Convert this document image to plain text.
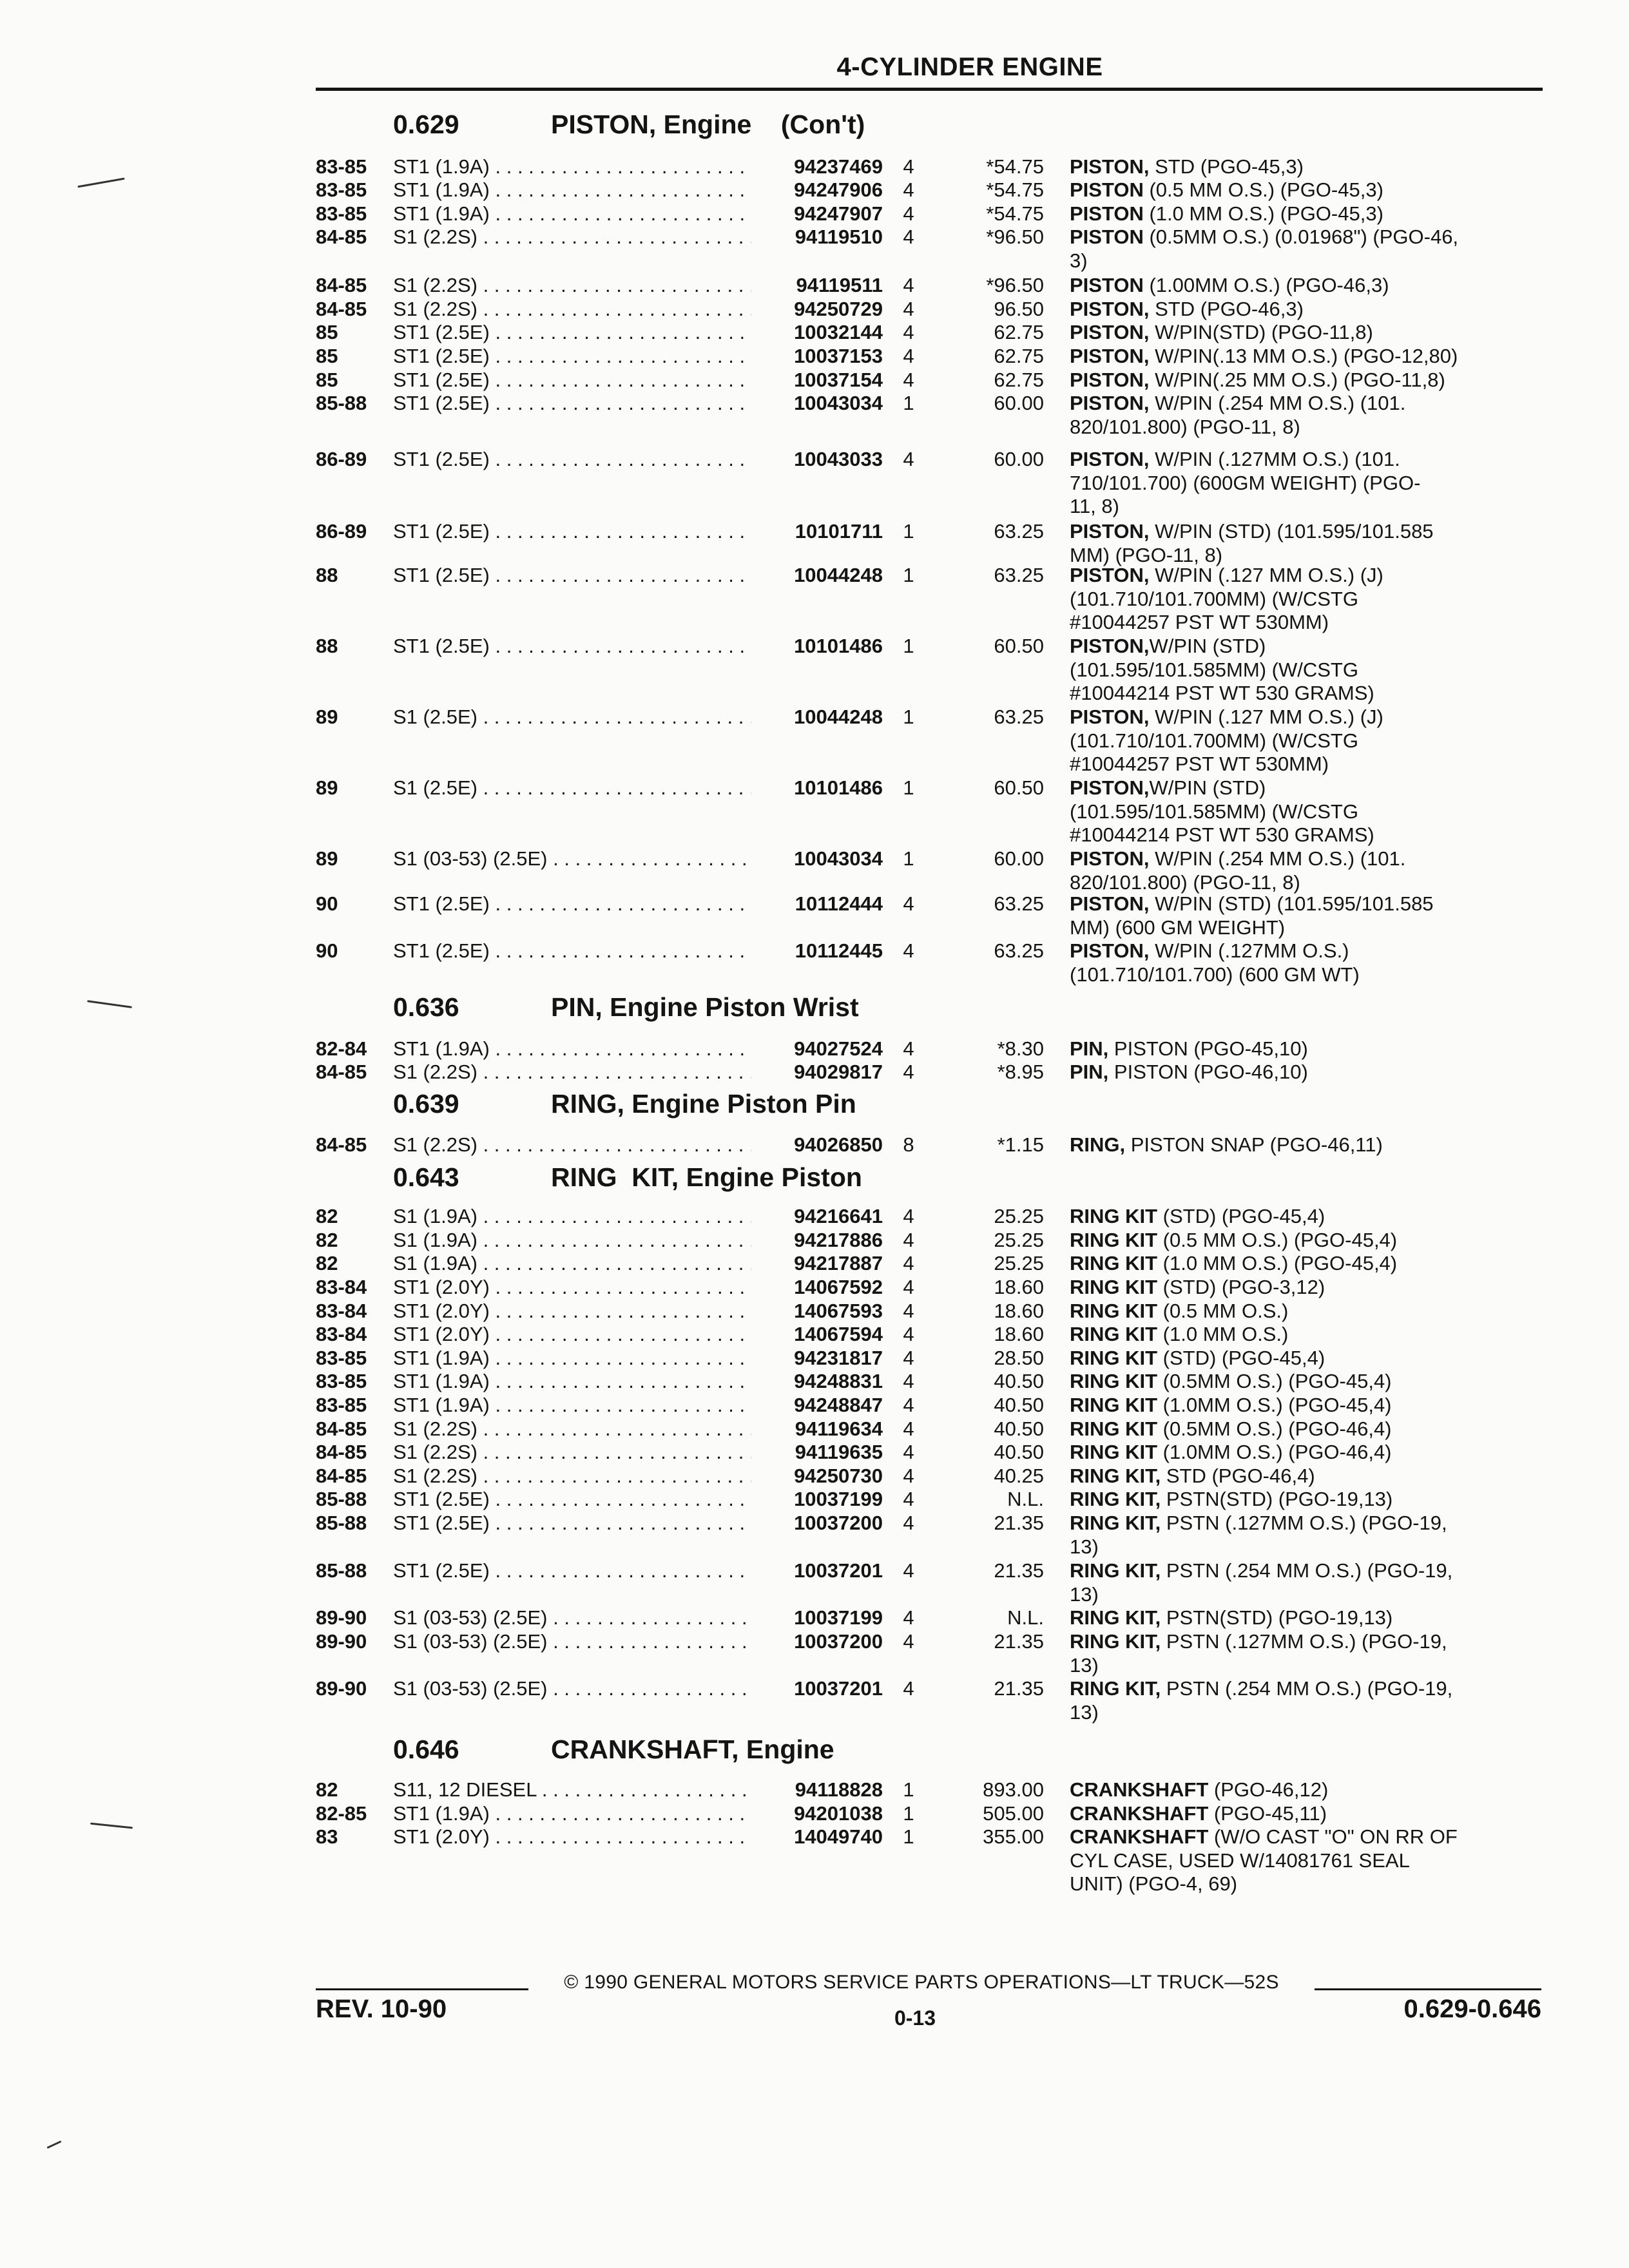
4-CYLINDER ENGINE
0.629	PISTON, Engine    (Con't)
83-85 ST1 (1.9A) . . .	94237469	4	*54.75 PISTON, STD (PGO-45,3)
83-85 ST1 (1.9A) . . .	94247906	4	*54.75 PISTON (0.5 MM O.S.) (PGO-45,3)
83-85 ST1 (1.9A) . . .	94247907	4	*54.75 PISTON (1.0 MM O.S.) (PGO-45,3)
84-85 S1 (2.2S) . . .	94119510	4	*96.50 PISTON (0.5MM O.S.) (0.01968") (PGO-46,
3)
84-85 S1 (2.2S) . . .	94119511	4	*96.50 PISTON (1.00MM O.S.) (PGO-46,3)
84-85 S1 (2.2S) . . .	94250729	4	96.50 PISTON, STD (PGO-46,3)
85	ST1 (2.5E) . . .	10032144	4	62.75 PISTON, W/PIN(STD) (PGO-11,8)
85	ST1 (2.5E) . . .	10037153	4	62.75 PISTON, W/PIN(.13 MM O.S.) (PGO-12,80)
85	ST1 (2.5E) . . .	10037154	4	62.75 PISTON, W/PIN(.25 MM O.S.) (PGO-11,8)
85-88 ST1 (2.5E) . . .	10043034	1	60.00 PISTON, W/PIN (.254 MM O.S.) (101.
820/101.800) (PGO-11, 8)
86-89 ST1 (2.5E) . . .	10043033	4	60.00 PISTON, W/PIN (.127MM O.S.) (101.
710/101.700) (600GM WEIGHT) (PGO-
11, 8)
86-89 ST1 (2.5E) . . .	10101711	1	63.25 PISTON, W/PIN (STD) (101.595/101.585
MM) (PGO-11, 8)
88	ST1 (2.5E) . . .	10044248	1	63.25 PISTON, W/PIN (.127 MM O.S.) (J)
(101.710/101.700MM) (W/CSTG
#10044257 PST WT 530MM)
88	ST1 (2.5E) . . .	10101486	1	60.50 PISTON,W/PIN (STD)
(101.595/101.585MM) (W/CSTG
#10044214 PST WT 530 GRAMS)
89	S1 (2.5E) . . .	10044248	1	63.25 PISTON, W/PIN (.127 MM O.S.) (J)
(101.710/101.700MM) (W/CSTG
#10044257 PST WT 530MM)
89	S1 (2.5E) . . .	10101486	1	60.50 PISTON,W/PIN (STD)
(101.595/101.585MM) (W/CSTG
#10044214 PST WT 530 GRAMS)
89	S1 (03-53) (2.5E) . . .	10043034	1	60.00 PISTON, W/PIN (.254 MM O.S.) (101.
820/101.800) (PGO-11, 8)
90	ST1 (2.5E) . . .	10112444	4	63.25 PISTON, W/PIN (STD) (101.595/101.585
MM) (600 GM WEIGHT)
90	ST1 (2.5E) . . .	10112445	4	63.25 PISTON, W/PIN (.127MM O.S.)
(101.710/101.700) (600 GM WT)
0.636	PIN, Engine Piston Wrist
82-84 ST1 (1.9A) . . .	94027524	4	*8.30 PIN, PISTON (PGO-45,10)
84-85 S1 (2.2S) . . .	94029817	4	*8.95 PIN, PISTON (PGO-46,10)
0.639	RING, Engine Piston Pin
84-85 S1 (2.2S) . . .	94026850	8	*1.15 RING, PISTON SNAP (PGO-46,11)
0.643	RING  KIT, Engine Piston
82	S1 (1.9A) . . .	94216641	4	25.25 RING KIT (STD) (PGO-45,4)
82	S1 (1.9A) . . .	94217886	4	25.25 RING KIT (0.5 MM O.S.) (PGO-45,4)
82	S1 (1.9A) . . .	94217887	4	25.25 RING KIT (1.0 MM O.S.) (PGO-45,4)
83-84 ST1 (2.0Y) . . .	14067592	4	18.60 RING KIT (STD) (PGO-3,12)
83-84 ST1 (2.0Y) . . .	14067593	4	18.60 RING KIT (0.5 MM O.S.)
83-84 ST1 (2.0Y) . . .	14067594	4	18.60 RING KIT (1.0 MM O.S.)
83-85 ST1 (1.9A) . . .	94231817	4	28.50 RING KIT (STD) (PGO-45,4)
83-85 ST1 (1.9A) . . .	94248831	4	40.50 RING KIT (0.5MM O.S.) (PGO-45,4)
83-85 ST1 (1.9A) . . .	94248847	4	40.50 RING KIT (1.0MM O.S.) (PGO-45,4)
84-85 S1 (2.2S) . . .	94119634	4	40.50 RING KIT (0.5MM O.S.) (PGO-46,4)
84-85 S1 (2.2S) . . .	94119635	4	40.50 RING KIT (1.0MM O.S.) (PGO-46,4)
84-85 S1 (2.2S) . . .	94250730	4	40.25 RING KIT, STD (PGO-46,4)
85-88 ST1 (2.5E) . . .	10037199	4	N.L. RING KIT, PSTN(STD) (PGO-19,13)
85-88 ST1 (2.5E) . . .	10037200	4	21.35 RING KIT, PSTN (.127MM O.S.) (PGO-19,
13)
85-88 ST1 (2.5E) . . .	10037201	4	21.35 RING KIT, PSTN (.254 MM O.S.) (PGO-19,
13)
89-90 S1 (03-53) (2.5E) . . .	10037199	4	N.L. RING KIT, PSTN(STD) (PGO-19,13)
89-90 S1 (03-53) (2.5E) . . .	10037200	4	21.35 RING KIT, PSTN (.127MM O.S.) (PGO-19,
13)
89-90 S1 (03-53) (2.5E) . . .	10037201	4	21.35 RING KIT, PSTN (.254 MM O.S.) (PGO-19,
13)
0.646	CRANKSHAFT, Engine
82	S11, 12 DIESEL . . .	94118828	1	893.00 CRANKSHAFT (PGO-46,12)
82-85 ST1 (1.9A) . . .	94201038	1	505.00 CRANKSHAFT (PGO-45,11)
83	ST1 (2.0Y) . . .	14049740	1	355.00 CRANKSHAFT (W/O CAST "O" ON RR OF
CYL CASE, USED W/14081761 SEAL
UNIT) (PGO-4, 69)
© 1990 GENERAL MOTORS SERVICE PARTS OPERATIONS—LT TRUCK—52S
REV. 10-90	0-13	0.629-0.646
